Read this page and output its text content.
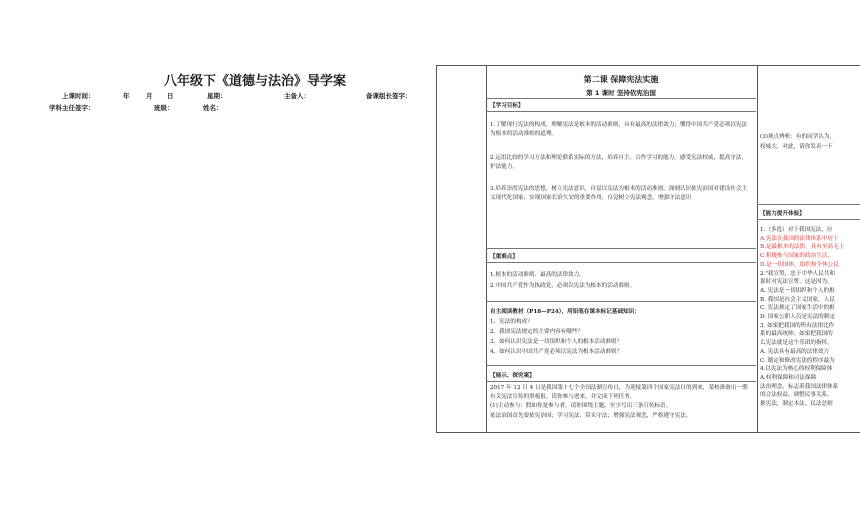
八年级下《道德与法治》导学案
上课时间：	年	月 日	星期：	主备人：	备课组长签字：
学科主任签字：	班级：	姓名：
第二课 保障宪法实施
第 1 课时 坚持依宪治国
【学习目标】
1.了解现行宪法的构成，理解宪法是根本的活动准则、具有最高的法律效力；懂得中国共产党必须以宪法为根本的活动准则的道理。
2.运用比较的学习方法和理论联系实际的方法，培养自主、合作学习的能力。感受宪法权威，提高守法、护法能力。
3.培养崇尚宪法的思想，树立宪法意识，自觉以宪法为根本的活动准则，深刻认识依宪治国对建设社会主义现代化国家、实现国家长治久安的重要作用，自觉树立宪法观念，增强守法意识
【重难点】
1.根本的活动准则、最高的法律效力。
2.中国共产党作为执政党，必须以宪法为根本的活动准则。
自主阅读教材（P18—P24），用铅笔在课本标记基础知识：
1、宪法的构成？
2、我国宪法规定的主要内容有哪些？
3、如何认识宪法是一切组织和个人的根本活动准则？
4、如何认识中国共产党必须以宪法为根本活动准则？
【展示、探究案】
2017 年 12 月 4 日是我国第十七个全国法制宣传日，为迎接第四个国家宪法日的到来，某校准备出一期有关宪法宣传的黑板报。请你参与进来，并完成下列任务。
(1)主动参与：假如你是参与者，请你围绕主题，至少写出三条宣传标语。
依法治国首先要依宪治国；学习宪法，带头守法；增强宪法观念，严格遵守宪法。
(3)观点辨析：有的同学认为，
权威大，对此，请你发表一下
【能力提升体验】
1.（多选）对于我国宪法，应
A.宪法在我国的法律体系中居于
B.是最根本的法律，具有至高无上
C.积极参与国家的政治生活，
D.是一切国体、组织和全体公民
2."我宣誓，忠于中华人民共和
那时对宪法宣誓，这是因为，
A. 宪法是一切组织和个人的根
B. 我国是社会主义国家，人民
C. 宪法规定了国家生活中的根
D. 国家公职人员是宪法的制定
3. 如果把我国的所有法律比作
系的最高统帅；如果把我国的
么宪法就是这个乐团的指挥，
A. 宪法具有最高的法律效力
C. 制定和修改宪法的程序最为
4.以宪法为核心的权利保障体
A.权利保障和司法保障
法治理念，标志着我国法律体系
的合法权益，调整民事关系，
据宪法，制定本法。民法总则
